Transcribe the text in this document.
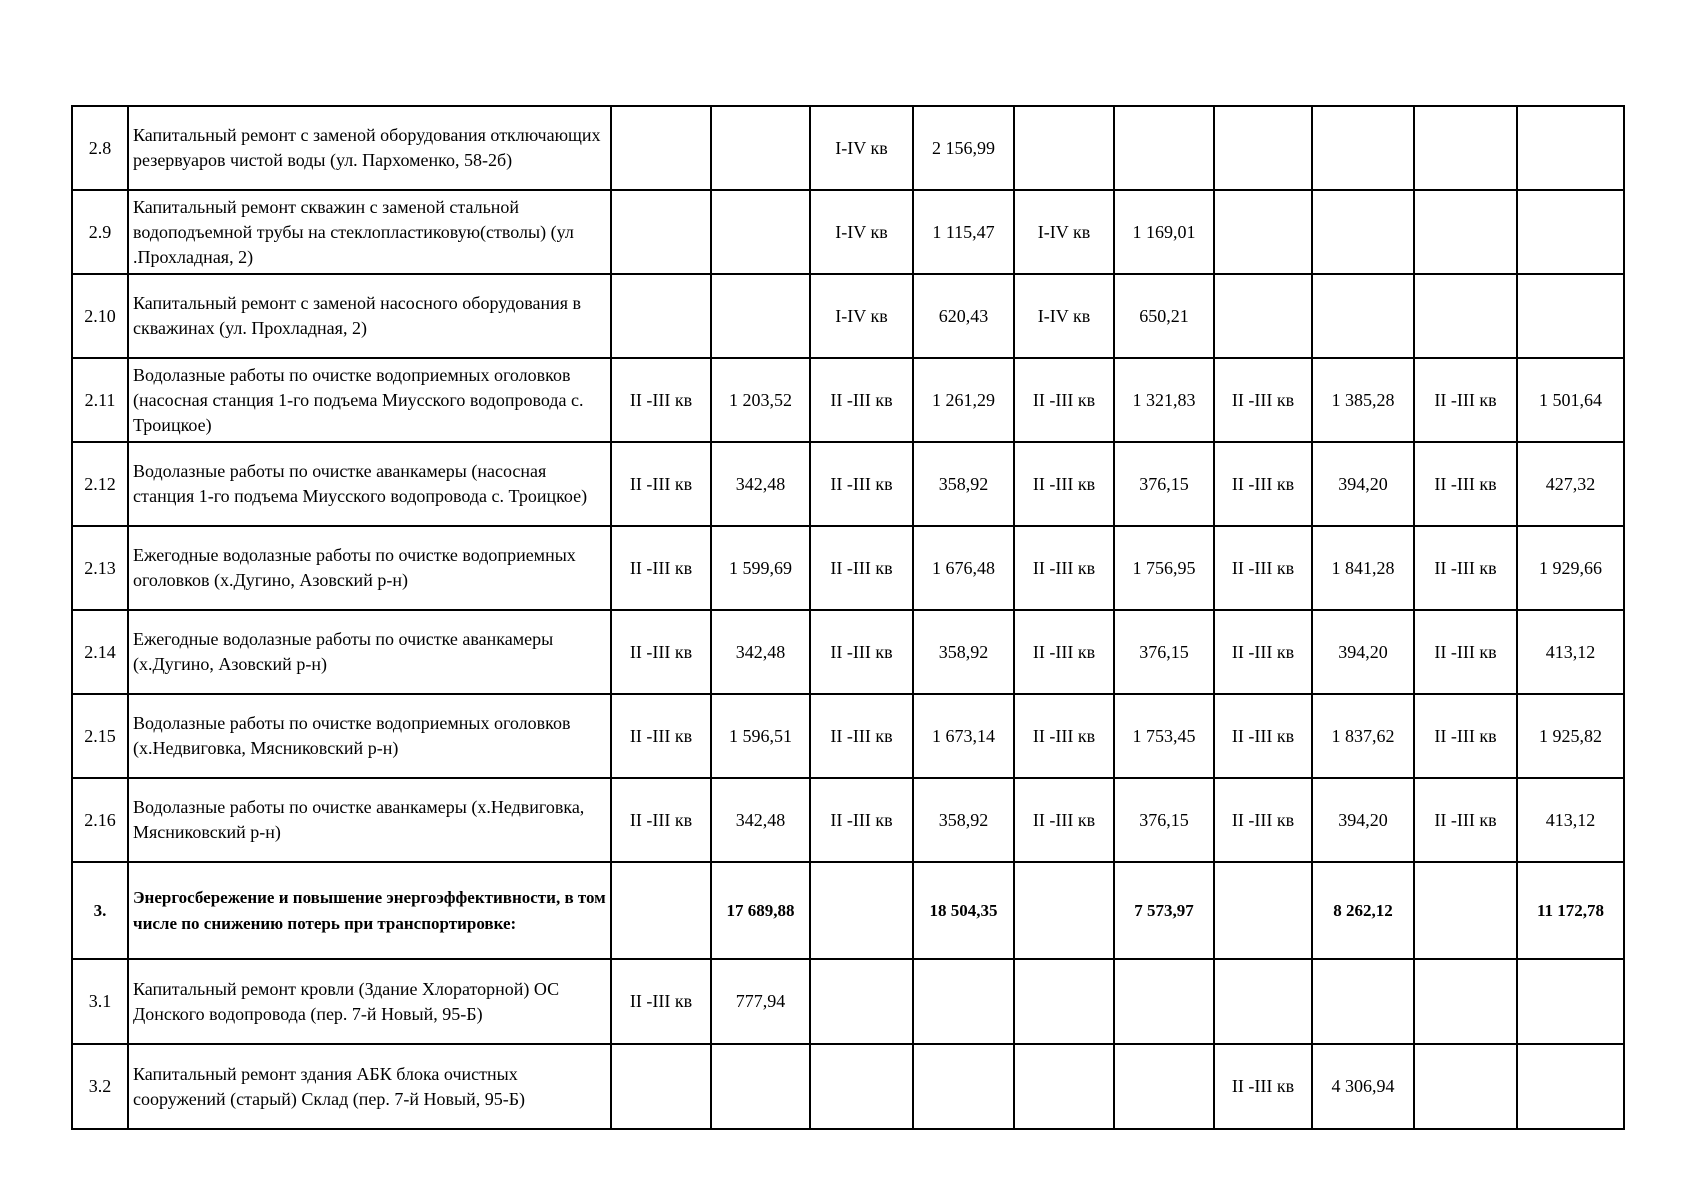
2.8	Капитальный ремонт с заменой оборудования отключающих резервуаров чистой воды (ул. Пархоменко, 58-2б)			I-IV кв	2 156,99						
2.9	Капитальный ремонт скважин с заменой стальной водоподъемной трубы на стеклопластиковую(стволы) (ул .Прохладная, 2)			I-IV кв	1 115,47	I-IV кв	1 169,01				
2.10	Капитальный ремонт с заменой насосного оборудования в скважинах (ул. Прохладная, 2)			I-IV кв	620,43	I-IV кв	650,21				
2.11	Водолазные работы по очистке водоприемных оголовков (насосная станция 1-го подъема Миусского водопровода с. Троицкое)	II -III кв	1 203,52	II -III кв	1 261,29	II -III кв	1 321,83	II -III кв	1 385,28	II -III кв	1 501,64
2.12	Водолазные работы по очистке аванкамеры (насосная станция 1-го подъема Миусского водопровода с. Троицкое)	II -III кв	342,48	II -III кв	358,92	II -III кв	376,15	II -III кв	394,20	II -III кв	427,32
2.13	Ежегодные водолазные работы по очистке водоприемных оголовков (х.Дугино, Азовский р-н)	II -III кв	1 599,69	II -III кв	1 676,48	II -III кв	1 756,95	II -III кв	1 841,28	II -III кв	1 929,66
2.14	Ежегодные водолазные работы по очистке аванкамеры (х.Дугино, Азовский р-н)	II -III кв	342,48	II -III кв	358,92	II -III кв	376,15	II -III кв	394,20	II -III кв	413,12
2.15	Водолазные работы по очистке водоприемных оголовков (х.Недвиговка, Мясниковский р-н)	II -III кв	1 596,51	II -III кв	1 673,14	II -III кв	1 753,45	II -III кв	1 837,62	II -III кв	1 925,82
2.16	Водолазные работы по очистке аванкамеры (х.Недвиговка, Мясниковский р-н)	II -III кв	342,48	II -III кв	358,92	II -III кв	376,15	II -III кв	394,20	II -III кв	413,12
3.	Энергосбережение и повышение энергоэффективности, в том числе по снижению потерь при транспортировке:		17 689,88		18 504,35		7 573,97		8 262,12		11 172,78
3.1	Капитальный ремонт кровли (Здание Хлораторной) ОС Донского водопровода (пер. 7-й Новый, 95-Б)	II -III кв	777,94								
3.2	Капитальный ремонт здания АБК блока очистных сооружений (старый) Склад (пер. 7-й Новый, 95-Б)							II -III кв	4 306,94		
